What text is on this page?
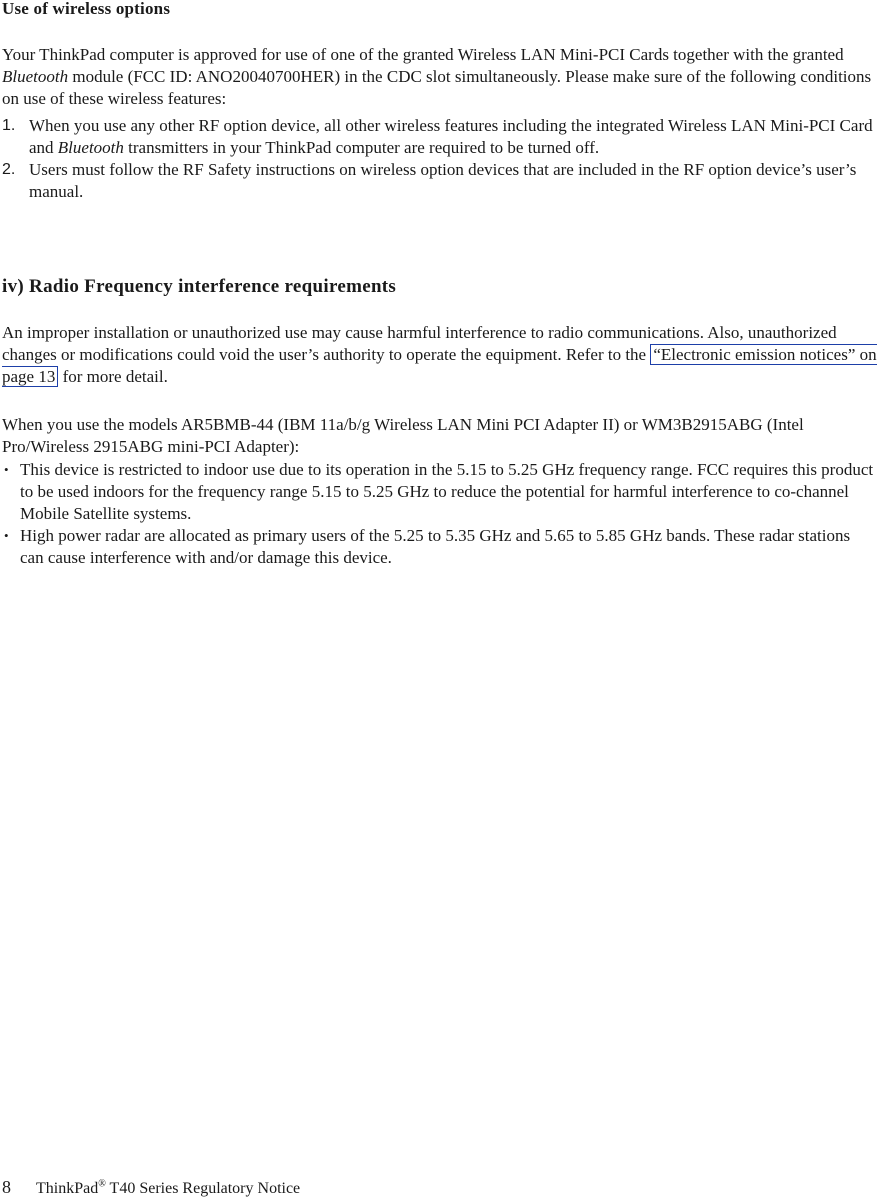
Use of wireless options

Your ThinkPad computer is approved for use of one of the granted Wireless LAN Mini-PCI Cards together with the granted Bluetooth module (FCC ID: ANO20040700HER) in the CDC slot simultaneously. Please make sure of the following conditions on use of these wireless features:

1. When you use any other RF option device, all other wireless features including the integrated Wireless LAN Mini-PCI Card and Bluetooth transmitters in your ThinkPad computer are required to be turned off.
2. Users must follow the RF Safety instructions on wireless option devices that are included in the RF option device’s user’s manual.
iv) Radio Frequency interference requirements

An improper installation or unauthorized use may cause harmful interference to radio communications. Also, unauthorized changes or modifications could void the user’s authority to operate the equipment. Refer to the “Electronic emission notices” on page 13 for more detail.

When you use the models AR5BMB-44 (IBM 11a/b/g Wireless LAN Mini PCI Adapter II) or WM3B2915ABG (Intel Pro/Wireless 2915ABG mini-PCI Adapter):

• This device is restricted to indoor use due to its operation in the 5.15 to 5.25 GHz frequency range. FCC requires this product to be used indoors for the frequency range 5.15 to 5.25 GHz to reduce the potential for harmful interference to co-channel Mobile Satellite systems.
• High power radar are allocated as primary users of the 5.25 to 5.35 GHz and 5.65 to 5.85 GHz bands. These radar stations can cause interference with and/or damage this device.
8 ThinkPad® T40 Series Regulatory Notice
